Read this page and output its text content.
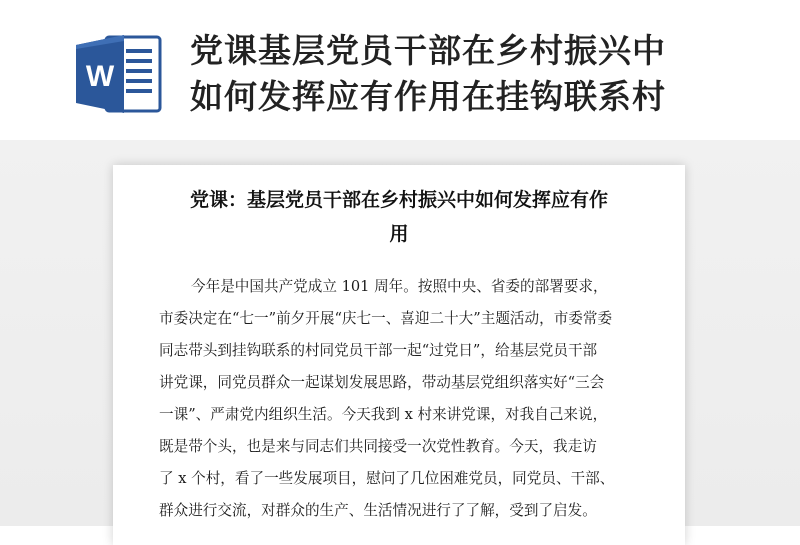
W
党课基层党员干部在乡村振兴中
如何发挥应有作用在挂钩联系村
党课：基层党员干部在乡村振兴中如何发挥应有作
用
今年是中国共产党成立 101 周年。按照中央、省委的部署要求，
市委决定在“七一”前夕开展“庆七一、喜迎二十大”主题活动，市委常委
同志带头到挂钩联系的村同党员干部一起“过党日”，给基层党员干部
讲党课，同党员群众一起谋划发展思路，带动基层党组织落实好“三会
一课”、严肃党内组织生活。今天我到 x 村来讲党课，对我自己来说，
既是带个头，也是来与同志们共同接受一次党性教育。今天，我走访
了 x 个村，看了一些发展项目，慰问了几位困难党员，同党员、干部、
群众进行交流，对群众的生产、生活情况进行了了解，受到了启发。
